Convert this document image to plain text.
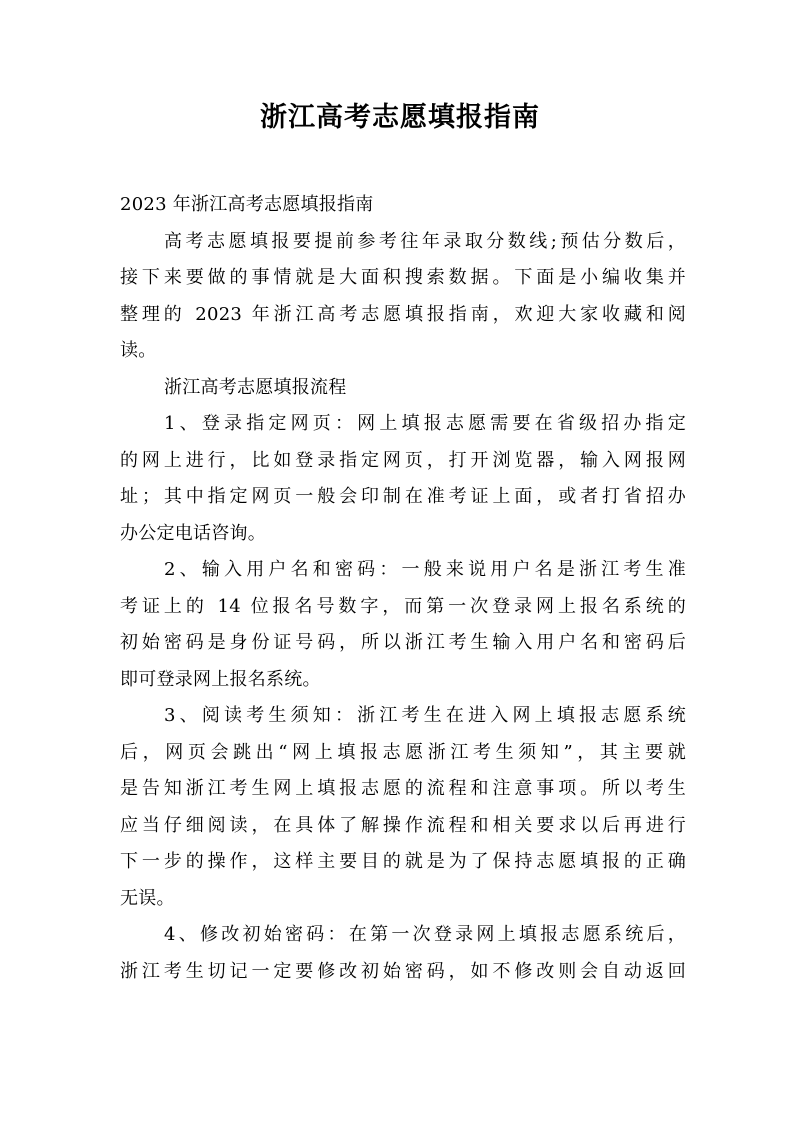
浙江高考志愿填报指南

2023 年浙江高考志愿填报指南

高考志愿填报要提前参考往年录取分数线;预估分数后，

接下来要做的事情就是大面积搜索数据。下面是小编收集并

整理的 2023 年浙江高考志愿填报指南，欢迎大家收藏和阅

读。

浙江高考志愿填报流程

1、登录指定网页：网上填报志愿需要在省级招办指定

的网上进行，比如登录指定网页，打开浏览器，输入网报网

址；其中指定网页一般会印制在准考证上面，或者打省招办

办公定电话咨询。

2、输入用户名和密码：一般来说用户名是浙江考生准

考证上的 14 位报名号数字，而第一次登录网上报名系统的

初始密码是身份证号码，所以浙江考生输入用户名和密码后

即可登录网上报名系统。

3、阅读考生须知：浙江考生在进入网上填报志愿系统

后，网页会跳出“网上填报志愿浙江考生须知”，其主要就

是告知浙江考生网上填报志愿的流程和注意事项。所以考生

应当仔细阅读，在具体了解操作流程和相关要求以后再进行

下一步的操作，这样主要目的就是为了保持志愿填报的正确

无误。

4、修改初始密码：在第一次登录网上填报志愿系统后，

浙江考生切记一定要修改初始密码，如不修改则会自动返回
